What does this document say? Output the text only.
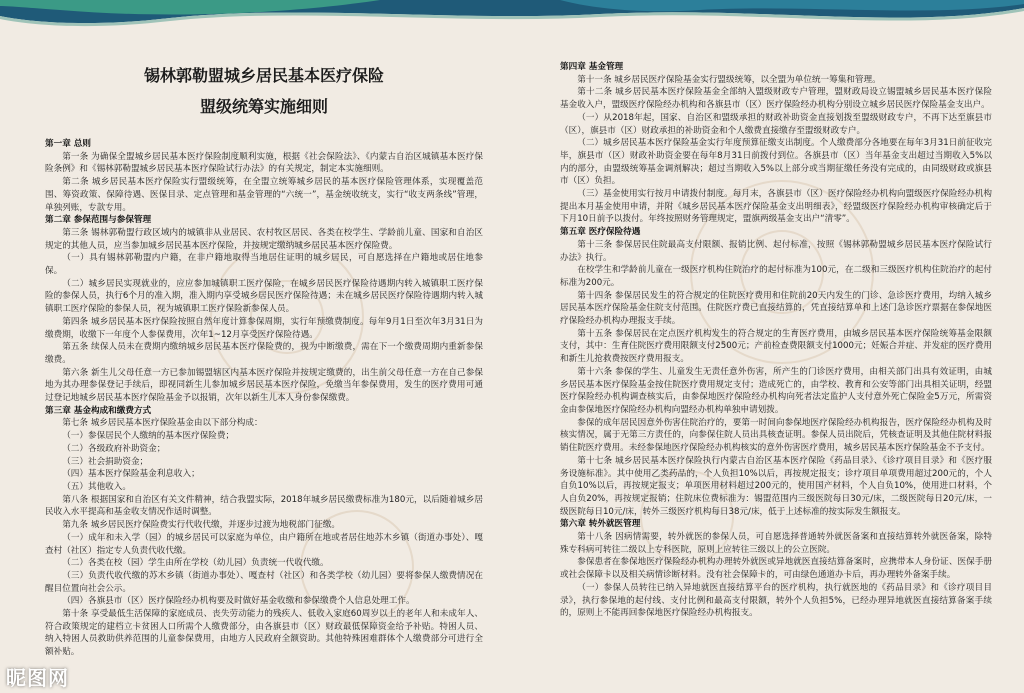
锡林郭勒盟城乡居民基本医疗保险
盟级统筹实施细则

第一章 总则

第一条 为确保全盟城乡居民基本医疗保险制度顺利实施，根据《社会保险法》、《内蒙古自治区城镇基本医疗保险条例》和《锡林郭勒盟城乡居民基本医疗保险试行办法》的有关规定，制定本实施细则。

第二条 城乡居民基本医疗保险实行盟级统筹，在全盟立统筹城乡居民的基本医疗保险管理体系，实现覆盖范围、筹资政策、保障待遇、医保目录、定点管理和基金管理的“六统一”，基金统收统支，实行“收支两条线”管理，单独列账，专款专用。

第二章 参保范围与参保管理

第三条 锡林郭勒盟行政区域内的城镇非从业居民、农村牧区居民、各类在校学生、学龄前儿童、国家和自治区规定的其他人员，应当参加城乡居民基本医疗保险，并按规定缴纳城乡居民基本医疗保险费。

（一）具有锡林郭勒盟内户籍，在非户籍地取得当地居住证明的城乡居民，可自愿选择在户籍地或居住地参保。

（二）城乡居民实现就业的，应应参加城镇职工医疗保险，在城乡居民医疗保险待遇期内转入城镇职工医疗保险的参保人员，执行6个月的准入期，准入期内享受城乡居民医疗保险待遇；未在城乡居民医疗保险待遇期内转入城镇职工医疗保险的参保人员，视为城镇职工医疗保险新参保人员。

第四条 城乡居民基本医疗保险按照自然年度计算参保周期，实行年预缴费制度。每年9月1日至次年3月31日为缴费期，收缴下一年度个人参保费用，次年1~12月享受医疗保险待遇。

第五条 续保人员未在费期内缴纳城乡居民基本医疗保险费的，视为中断缴费，需在下一个缴费周期内重新参保缴费。

第六条 新生儿父母任意一方已参加锡盟辖区内基本医疗保险并按规定缴费的，出生前父母任意一方在自己参保地为其办理参保登记手续后，即视同新生儿参加城乡居民基本医疗保险，免缴当年参保费用，发生的医疗费用可通过登记地城乡居民基本医疗保险基金予以报销，次年以新生儿本人身份参保缴费。

第三章 基金构成和缴费方式

第七条 城乡居民基本医疗保险基金由以下部分构成：

（一）参保居民个人缴纳的基本医疗保险费；

（二）各级政府补助资金；

（三）社会捐助资金；

（四）基本医疗保险基金利息收入；

（五）其他收入。

第八条 根据国家和自治区有关文件精神，结合我盟实际，2018年城乡居民缴费标准为180元，以后随着城乡居民收入水平提高和基金收支情况作适时调整。

第九条 城乡居民医疗保险费实行代收代缴，并逐步过渡为地税部门征缴。

（一）成年和未入学（园）的城乡居民可以家庭为单位，由户籍所在地或者居住地苏木乡镇（街道办事处）、嘎查村（社区）指定专人负责代收代缴。

（二）各类在校（园）学生由所在学校（幼儿园）负责统一代收代缴。

（三）负责代收代缴的苏木乡镇（街道办事处）、嘎查村（社区）和各类学校（幼儿园）要将参保人缴费情况在醒目位置向社会公示。

（四）各旗县市（区）医疗保险经办机构要及时做好基金收缴和参保缴费个人信息处理工作。

第十条 享受最低生活保障的家庭成员、丧失劳动能力的残疾人、低收入家庭60周岁以上的老年人和未成年人、符合政策规定的建档立卡贫困人口所需个人缴费部分，由各旗县市（区）财政最低保障资金给予补贴。特困人员、纳入特困人员救助供养范围的儿童参保费用，由地方人民政府全额资助。其他特殊困难群体个人缴费部分可进行全额补贴。

第四章 基金管理

第十一条 城乡居民医疗保险基金实行盟级统筹，以全盟为单位统一筹集和管理。

第十二条 城乡居民基本医疗保险基金全部纳入盟级财政专户管理，盟财政局设立锡盟城乡居民基本医疗保险基金收入户，盟级医疗保险经办机构和各旗县市（区）医疗保险经办机构分别设立城乡居民医疗保险基金支出户。

（一）从2018年起，国家、自治区和盟级承担的财政补助资金直接划拨至盟级财政专户，不再下达至旗县市（区），旗县市（区）财政承担的补助资金和个人缴费直接缴存至盟级财政专户。

（二）城乡居民基本医疗保险基金实行年度预算征缴支出制度。个人缴费部分各地要在每年3月31日前征收完毕，旗县市（区）财政补助资金要在每年8月31日前拨付到位。各旗县市（区）当年基金支出超过当期收入5%以内的部分，由盟级统筹基金调剂解决；超过当期收入5%以上部分或当期征缴任务没有完成的，由同级财政或旗县市（区）负担。

（三）基金使用实行按月申请拨付制度。每月末，各旗县市（区）医疗保险经办机构向盟级医疗保险经办机构提出本月基金使用申请，并附《城乡居民基本医疗保险基金支出明细表》，经盟级医疗保险经办机构审核确定后于下月10日前予以拨付。年终按照财务管理规定，盟旗两级基金支出户“清零”。

第五章 医疗保险待遇

第十三条 参保居民住院最高支付限额、报销比例、起付标准，按照《锡林郭勒盟城乡居民基本医疗保险试行办法》执行。

在校学生和学龄前儿童在一级医疗机构住院治疗的起付标准为100元，在二级和三级医疗机构住院治疗的起付标准为200元。

第十四条 参保居民发生的符合规定的住院医疗费用和住院前20天内发生的门诊、急诊医疗费用，均纳入城乡居民基本医疗保险基金住院支付范围。住院医疗费已直接结算的，凭直接结算单和上述门急诊医疗票据在参保地医疗保险经办机构办理报支手续。

第十五条 参保居民在定点医疗机构发生的符合规定的生育医疗费用，由城乡居民基本医疗保险统筹基金限额支付，其中：生育住院医疗费用限额支付2500元；产前检查费限额支付1000元；妊娠合并症、并发症的医疗费用和新生儿抢救费按医疗费用报支。

第十六条 参保的学生、儿童发生无责任意外伤害，所产生的门诊医疗费用，由相关部门出具有效证明，由城乡居民基本医疗保险基金按住院医疗费用规定支付；造成死亡的，由学校、教育和公安等部门出具相关证明，经盟医疗保险经办机构调查核实后，由参保地医疗保险经办机构向死者法定监护人支付意外死亡保险金5万元，所需资金由参保地医疗保险经办机构向盟经办机构单独申请划拨。

参保的成年居民因意外伤害住院治疗的，要第一时间向参保地医疗保险经办机构报告，医疗保险经办机构及时核实情况，属于无第三方责任的，向参保住院人员出具核查证明。参保人员出院后，凭核查证明及其他住院材料报销住院医疗费用。未经参保地医疗保险经办机构核实的意外伤害医疗费用，城乡居民基本医疗保险基金不予支付。

第十七条 城乡居民基本医疗保险执行内蒙古自治区基本医疗保险《药品目录》、《诊疗项目目录》和《医疗服务设施标准》。其中使用乙类药品的，个人负担10%以后，再按规定报支；诊疗项目单项费用超过200元的，个人自负10%以后，再按规定报支；单项医用材料超过200元的，使用国产材料，个人自负10%，使用进口材料，个人自负20%，再按规定报销；住院床位费标准为：锡盟范围内三级医院每日30元/床，二级医院每日20元/床，一级医院每日10元/床，转外三级医疗机构每日38元/床，低于上述标准的按实际发生额报支。

第六章 转外就医管理

第十八条 因病情需要，转外就医的参保人员，可自愿选择普通转外就医备案和直接结算转外就医备案，除特殊专科病可转往二级以上专科医院，原则上应转往三级以上的公立医院。

参保患者在参保地医疗保险经办机构办理转外就医或异地就医直接结算备案时，应携带本人身份证、医保手册或社会保障卡以及相关病情诊断材料。没有社会保障卡的，可由绿色通道办卡后，再办理转外备案手续。

（一）参保人员转往已纳入异地就医直接结算平台的医疗机构，执行就医地的《药品目录》和《诊疗项目目录》，执行参保地的起付线、支付比例和最高支付限额，转外个人负担5%，已经办理异地就医直接结算备案手续的，原则上不能再回参保地医疗保险经办机构报支。

昵图网
